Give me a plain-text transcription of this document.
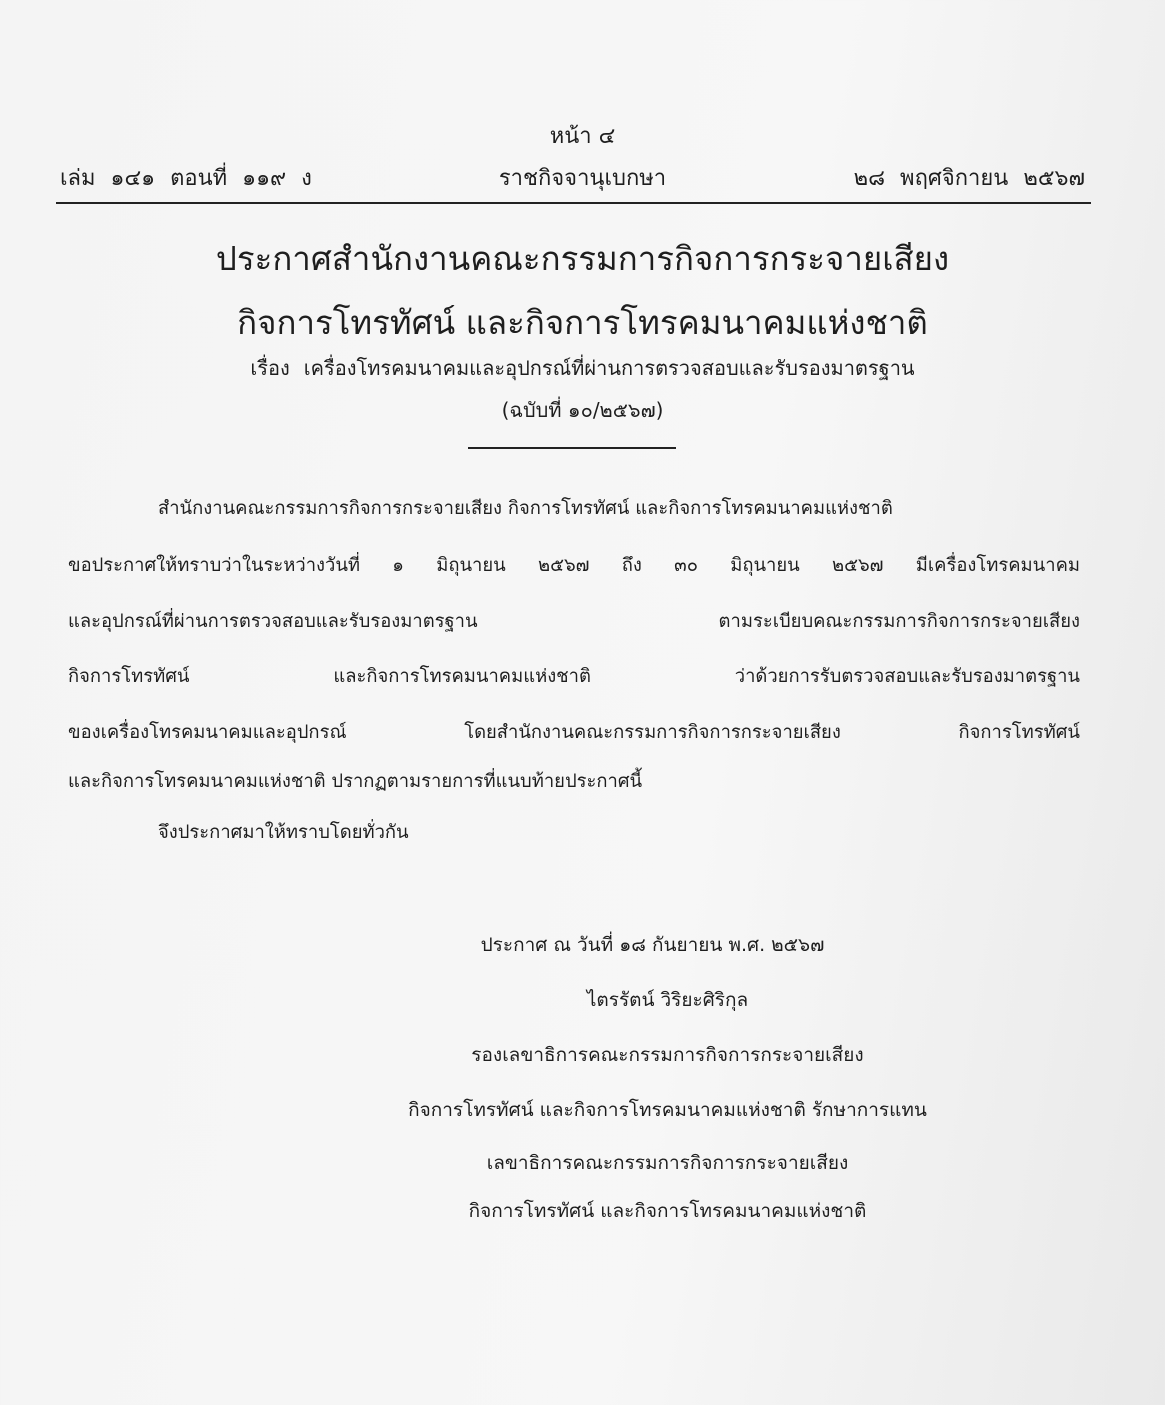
หน้า ๔
เล่ม ๑๔๑ ตอนที่ ๑๑๙ ง	ราชกิจจานุเบกษา	๒๘ พฤศจิกายน ๒๕๖๗
ประกาศสำนักงานคณะกรรมการกิจการกระจายเสียง
กิจการโทรทัศน์ และกิจการโทรคมนาคมแห่งชาติ
เรื่อง เครื่องโทรคมนาคมและอุปกรณ์ที่ผ่านการตรวจสอบและรับรองมาตรฐาน
(ฉบับที่ ๑๐/๒๕๖๗)
สำนักงานคณะกรรมการกิจการกระจายเสียง กิจการโทรทัศน์ และกิจการโทรคมนาคมแห่งชาติ
ขอประกาศให้ทราบว่าในระหว่างวันที่ ๑ มิถุนายน ๒๕๖๗ ถึง ๓๐ มิถุนายน ๒๕๖๗ มีเครื่องโทรคมนาคม
และอุปกรณ์ที่ผ่านการตรวจสอบและรับรองมาตรฐาน ตามระเบียบคณะกรรมการกิจการกระจายเสียง
กิจการโทรทัศน์ และกิจการโทรคมนาคมแห่งชาติ ว่าด้วยการรับตรวจสอบและรับรองมาตรฐาน
ของเครื่องโทรคมนาคมและอุปกรณ์ โดยสำนักงานคณะกรรมการกิจการกระจายเสียง กิจการโทรทัศน์
และกิจการโทรคมนาคมแห่งชาติ ปรากฏตามรายการที่แนบท้ายประกาศนี้
จึงประกาศมาให้ทราบโดยทั่วกัน
ประกาศ ณ วันที่ ๑๘ กันยายน พ.ศ. ๒๕๖๗
ไตรรัตน์ วิริยะศิริกุล
รองเลขาธิการคณะกรรมการกิจการกระจายเสียง
กิจการโทรทัศน์ และกิจการโทรคมนาคมแห่งชาติ รักษาการแทน
เลขาธิการคณะกรรมการกิจการกระจายเสียง
กิจการโทรทัศน์ และกิจการโทรคมนาคมแห่งชาติ
